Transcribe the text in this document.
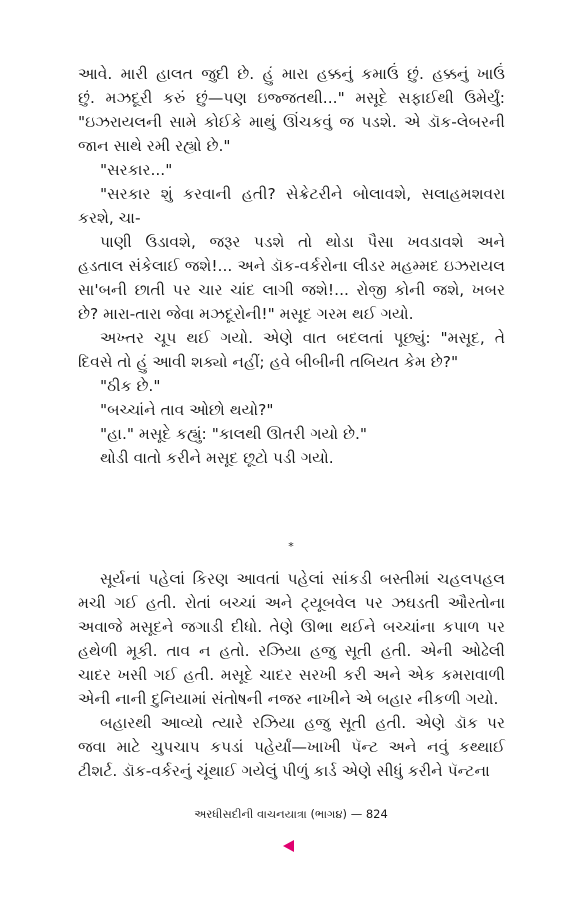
આવે. મારી હાલત જુદી છે. હું મારા હક્કનું કમાઉં છું. હક્કનું ખાઉં
છું. મઝદૂરી કરું છું—પણ ઇજ્જતથી..." મસૂદે સફાઈથી ઉમેર્યું:
"ઇઝરાયલની સામે કોઈકે માથું ઊંચકવું જ પડશે. એ ડૉક-લેબરની
જાન સાથે રમી રહ્યો છે."

"સરકાર..."

"સરકાર શું કરવાની હતી? સેક્રેટરીને બોલાવશે, સલાહમશવરા
કરશે, ચા-

પાણી ઉડાવશે, જરૂર પડશે તો થોડા પૈસા ખવડાવશે અને
હડતાલ સંકેલાઈ જશે!... અને ડૉક-વર્કરોના લીડર મહમ્મદ ઇઝરાયલ
સા'બની છાતી પર ચાર ચાંદ લાગી જશે!... રોજી કોની જશે, ખબર
છે? મારા-તારા જેવા મઝદૂરોની!" મસૂદ ગરમ થઈ ગયો.

અખ્તર ચૂપ થઈ ગયો. એણે વાત બદલતાં પૂછ્યું: "મસૂદ, તે
દિવસે તો હું આવી શક્યો નહીં; હવે બીબીની તબિયત કેમ છે?"

"ઠીક છે."

"બચ્ચાંને તાવ ઓછો થયો?"

"હા." મસૂદે કહ્યું: "કાલથી ઊતરી ગયો છે."

થોડી વાતો કરીને મસૂદ છૂટો પડી ગયો.

*

સૂર્યનાં પહેલાં કિરણ આવતાં પહેલાં સાંકડી બસ્તીમાં ચહલપહલ
મચી ગઈ હતી. રોતાં બચ્ચાં અને ટ્યૂબવેલ પર ઝઘડતી ઔરતોના
અવાજે મસૂદને જગાડી દીધો. તેણે ઊભા થઈને બચ્ચાંના કપાળ પર
હથેળી મૂકી. તાવ ન હતો. રઝિયા હજુ સૂતી હતી. એની ઓઢેલી
ચાદર ખસી ગઈ હતી. મસૂદે ચાદર સરખી કરી અને એક કમરાવાળી
એની નાની દુનિયામાં સંતોષની નજર નાખીને એ બહાર નીકળી ગયો.

બહારથી આવ્યો ત્યારે રઝિયા હજુ સૂતી હતી. એણે ડૉક પર
જવા માટે ચુપચાપ કપડાં પહેર્યાં—ખાખી પૅન્ટ અને નવું કથ્થાઈ
ટીશર્ટ. ડૉક-વર્કરનું ચૂંથાઈ ગયેલું પીળું કાર્ડ એણે સીધું કરીને પૅન્ટના

અરધીસદીની વાચનયાત્રા (ભાગ૪) — 824
